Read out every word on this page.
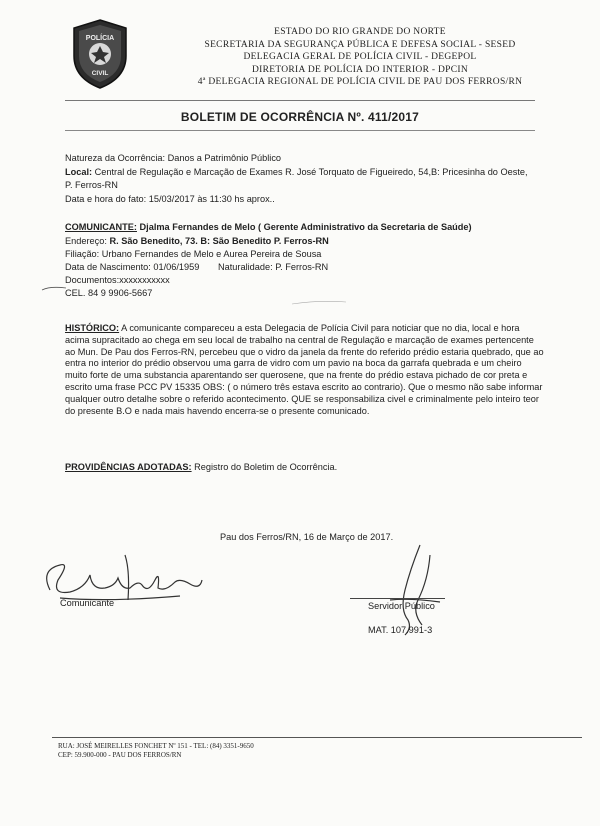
POLÍCIA
CIVIL
ESTADO DO RIO GRANDE DO NORTE
SECRETARIA DA SEGURANÇA PÚBLICA E DEFESA SOCIAL - SESED
DELEGACIA GERAL DE POLÍCIA CIVIL - DEGEPOL
DIRETORIA DE POLÍCIA DO INTERIOR - DPCIN
4ª DELEGACIA REGIONAL DE POLÍCIA CIVIL DE PAU DOS FERROS/RN
BOLETIM DE OCORRÊNCIA Nº. 411/2017
Natureza da Ocorrência: Danos a Patrimônio Público
Local: Central de Regulação e Marcação de Exames R. José Torquato de Figueiredo, 54,B: Pricesinha do Oeste,
P. Ferros-RN
Data e hora do fato: 15/03/2017 às 11:30 hs aprox..
COMUNICANTE: Djalma Fernandes de Melo ( Gerente Administrativo da Secretaria de Saúde)
Endereço: R. São Benedito, 73. B: São Benedito P. Ferros-RN
Filiação: Urbano Fernandes de Melo e Aurea Pereira de Sousa
Data de Nascimento: 01/06/1959 Naturalidade: P. Ferros-RN
Documentos:xxxxxxxxxxx
CEL. 84 9 9906-5667
HISTÓRICO: A comunicante compareceu a esta Delegacia de Polícia Civil para noticiar que no dia, local e hora
acima supracitado ao chega em seu local de trabalho na central de Regulação e marcação de exames pertencente
ao Mun. De Pau dos Ferros-RN, percebeu que o vidro da janela da frente do referido prédio estaria quebrado, que ao
entra no interior do prédio observou uma garra de vidro com um pavio na boca da garrafa quebrada e um cheiro
muito forte de uma substancia aparentando ser querosene, que na frente do prédio estava pichado de cor preta e
escrito uma frase PCC PV 15335 OBS: ( o número três estava escrito ao contrario). Que o mesmo não sabe informar
qualquer outro detalhe sobre o referido acontecimento. QUE se responsabiliza civel e criminalmente pelo inteiro teor
do presente B.O e nada mais havendo encerra-se o presente comunicado.
PROVIDÊNCIAS ADOTADAS: Registro do Boletim de Ocorrência.
Pau dos Ferros/RN, 16 de Março de 2017.
Comunicante	Servidor Público
MAT. 107.991-3
RUA: JOSÉ MEIRELLES FONCHET Nº 151 - TEL: (84) 3351-9650
CEP: 59.900-000 - PAU DOS FERROS/RN
